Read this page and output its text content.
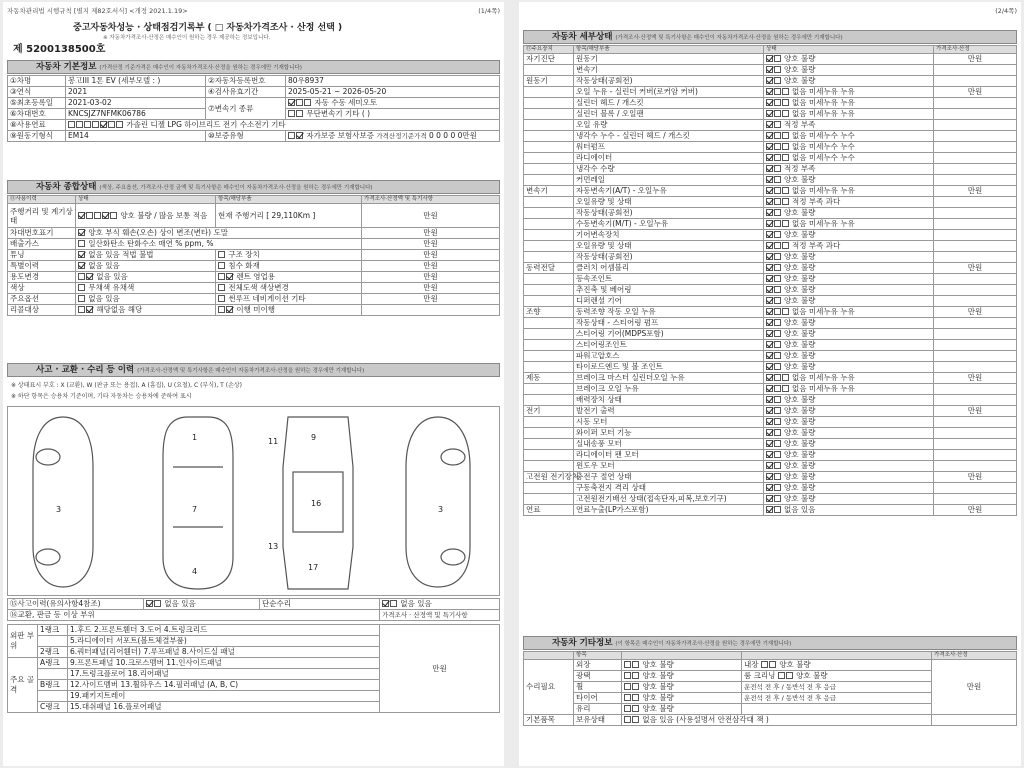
자동차관리법 시행규칙 [별지 제82호서식] <개정 2021.1.19>	(1/4쪽)
중고자동차성능 · 상태점검기록부 ( □ 자동차가격조사 · 산정 선택 )
※ 자동차가격조사·산정은 매수인이 원하는 경우 제공하는 정보입니다.
제 5200138500호
자동차 기본정보 (가격산정 기준가격은 매수인이 자동차가격조사·산정을 원하는 경우에만 기재합니다)
①차명	봉고III 1톤 EV (세부모델 : )	②자동차등록번호	80우8937
③연식	2021	④검사유효기간	2025-05-21 ~ 2026-05-20
⑤최초등록일	2021-03-02	⑦변속기 종류	자동 수동 세미오토
⑥차대번호	KNCSJZ7NFMK06786		무단변속기 기타 ( )
⑧사용연료	가솔린 디젤 LPG 하이브리드 전기 수소전기 기타		
⑨원동기형식	EM14	⑩보증유형	자가보증 보험사보증 가격산정기준가격 0 0 0 0 0만원
자동차 종합상태 (색상, 주요옵션, 가격조사·산정 금액 및 특기사항은 매수인이 자동차가격조사·산정을 원하는 경우에만 기재합니다)
⑪사용이력	상태	항목/해당부품	가격조사·산정액 및 특기사항
주행거리 및 계기상태	양호 불량 / 많음 보통 적음	현재 주행거리 [ 29,110Km ]	만원
차대번호표기	양호 부식 훼손(오손) 상이 변조(변타) 도말		만원
배출가스	일산화탄소 탄화수소 매연 % ppm, %		만원
튜닝	없음 있음 적법 불법	구조 장치	만원
특별이력	없음 있음	침수 화재	만원
용도변경	없음 있음	렌트 영업용	만원
색상	무채색 유채색	전체도색 색상변경	만원
주요옵션	없음 있음	썬루프 네비게이션 기타	만원
리콜대상	해당없음 해당	이행 미이행	
사고 · 교환 · 수리 등 이력 (가격조사·산정액 및 특기사항은 매수인이 자동차가격조사·산정을 원하는 경우에만 기재합니다)
※ 상태표시 부호 : X (교환), W (판금 또는 용접), A (흠집), U (요철), C (부식), T (손상)
※ 하단 항목은 승용차 기준이며, 기타 자동차는 승용차에 준하여 표시
1
7
4
3	3
9
16
17
11
13
⑮사고이력(유의사항4참조)	없음 있음	단순수리	없음 있음
⑯교환, 판금 등 이상 부위			가격조사 · 산정액 및 특기사항
외판 부위	1랭크	1.후드 2.프론트휀더 3.도어 4.트렁크리드	만원
		5.라디에이터 서포트(볼트체결부품)	
	2랭크	6.쿼터패널(리어휀더) 7.루프패널 8.사이드실 패널	
주요 골격	A랭크	9.프론트패널 10.크로스멤버 11.인사이드패널	
		17.트렁크플로어 18.리어패널	
	B랭크	12.사이드멤버 13.휠하우스 14.필러패널 (A, B, C)	
		19.패키지트레이	
	C랭크	15.대쉬패널 16.플로어패널	
(2/4쪽)
자동차 세부상태 (가격조사·산정액 및 특기사항은 매수인이 자동차가격조사·산정을 원하는 경우에만 기재합니다)
⑰주요장치	항목/해당부품	상태	가격조사·산정
자기진단	원동기	양호 불량	만원
	변속기	양호 불량	
원동기	작동상태(공회전)	양호 불량	
	오일 누유 - 실린더 커버(로커암 커버)	없음 미세누유 누유	만원
	실린더 헤드 / 개스킷	없음 미세누유 누유	
	실린더 블록 / 오일팬	없음 미세누유 누유	
	오일 유량	적정 부족	
	냉각수 누수 - 실린더 헤드 / 개스킷	없음 미세누수 누수	
	워터펌프	없음 미세누수 누수	
	라디에이터	없음 미세누수 누수	
	냉각수 수량	적정 부족	
	커먼레일	양호 불량	
변속기	자동변속기(A/T) - 오일누유	없음 미세누유 누유	만원
	오일유량 및 상태	적정 부족 과다	
	작동상태(공회전)	양호 불량	
	수동변속기(M/T) - 오일누유	없음 미세누유 누유	
	기어변속장치	양호 불량	
	오일유량 및 상태	적정 부족 과다	
	작동상태(공회전)	양호 불량	
동력전달	클러치 어셈블리	양호 불량	만원
	등속조인트	양호 불량	
	추진축 및 베어링	양호 불량	
	디퍼렌셜 기어	양호 불량	
조향	동력조향 작동 오일 누유	없음 미세누유 누유	만원
	작동상태 - 스티어링 펌프	양호 불량	
	스티어링 기어(MDPS포함)	양호 불량	
	스티어링조인트	양호 불량	
	파워고압호스	양호 불량	
	타이로드엔드 및 볼 조인트	양호 불량	
제동	브레이크 마스터 실린더오일 누유	없음 미세누유 누유	만원
	브레이크 오일 누유	없음 미세누유 누유	
	배력장치 상태	양호 불량	
전기	발전기 출력	양호 불량	만원
	시동 모터	양호 불량	
	와이퍼 모터 기능	양호 불량	
	실내송풍 모터	양호 불량	
	라디에이터 팬 모터	양호 불량	
	윈도우 모터	양호 불량	
고전원 전기장치	충전구 절연 상태	양호 불량	만원
	구동축전지 격리 상태	양호 불량	
	고전원전기배선 상태(접속단자,피복,보호기구)	양호 불량	
연료	연료누출(LP가스포함)	없음 있음	만원
자동차 기타정보 (이 항목은 매수인이 자동차가격조사·산정을 원하는 경우에만 기재합니다)
	항목			가격조사·산정
수리필요	외장	양호 불량	내장 양호 불량	만원
	광택	양호 불량	룸 크리닝 양호 불량	
	휠	양호 불량	운전석 전 후 / 동반석 전 후 응급	
	타이어	양호 불량	운전석 전 후 / 동반석 전 후 응급	
	유리	양호 불량		
기본품목	보유상태	없음 있음 (사용설명서 안전삼각대 잭 )		
